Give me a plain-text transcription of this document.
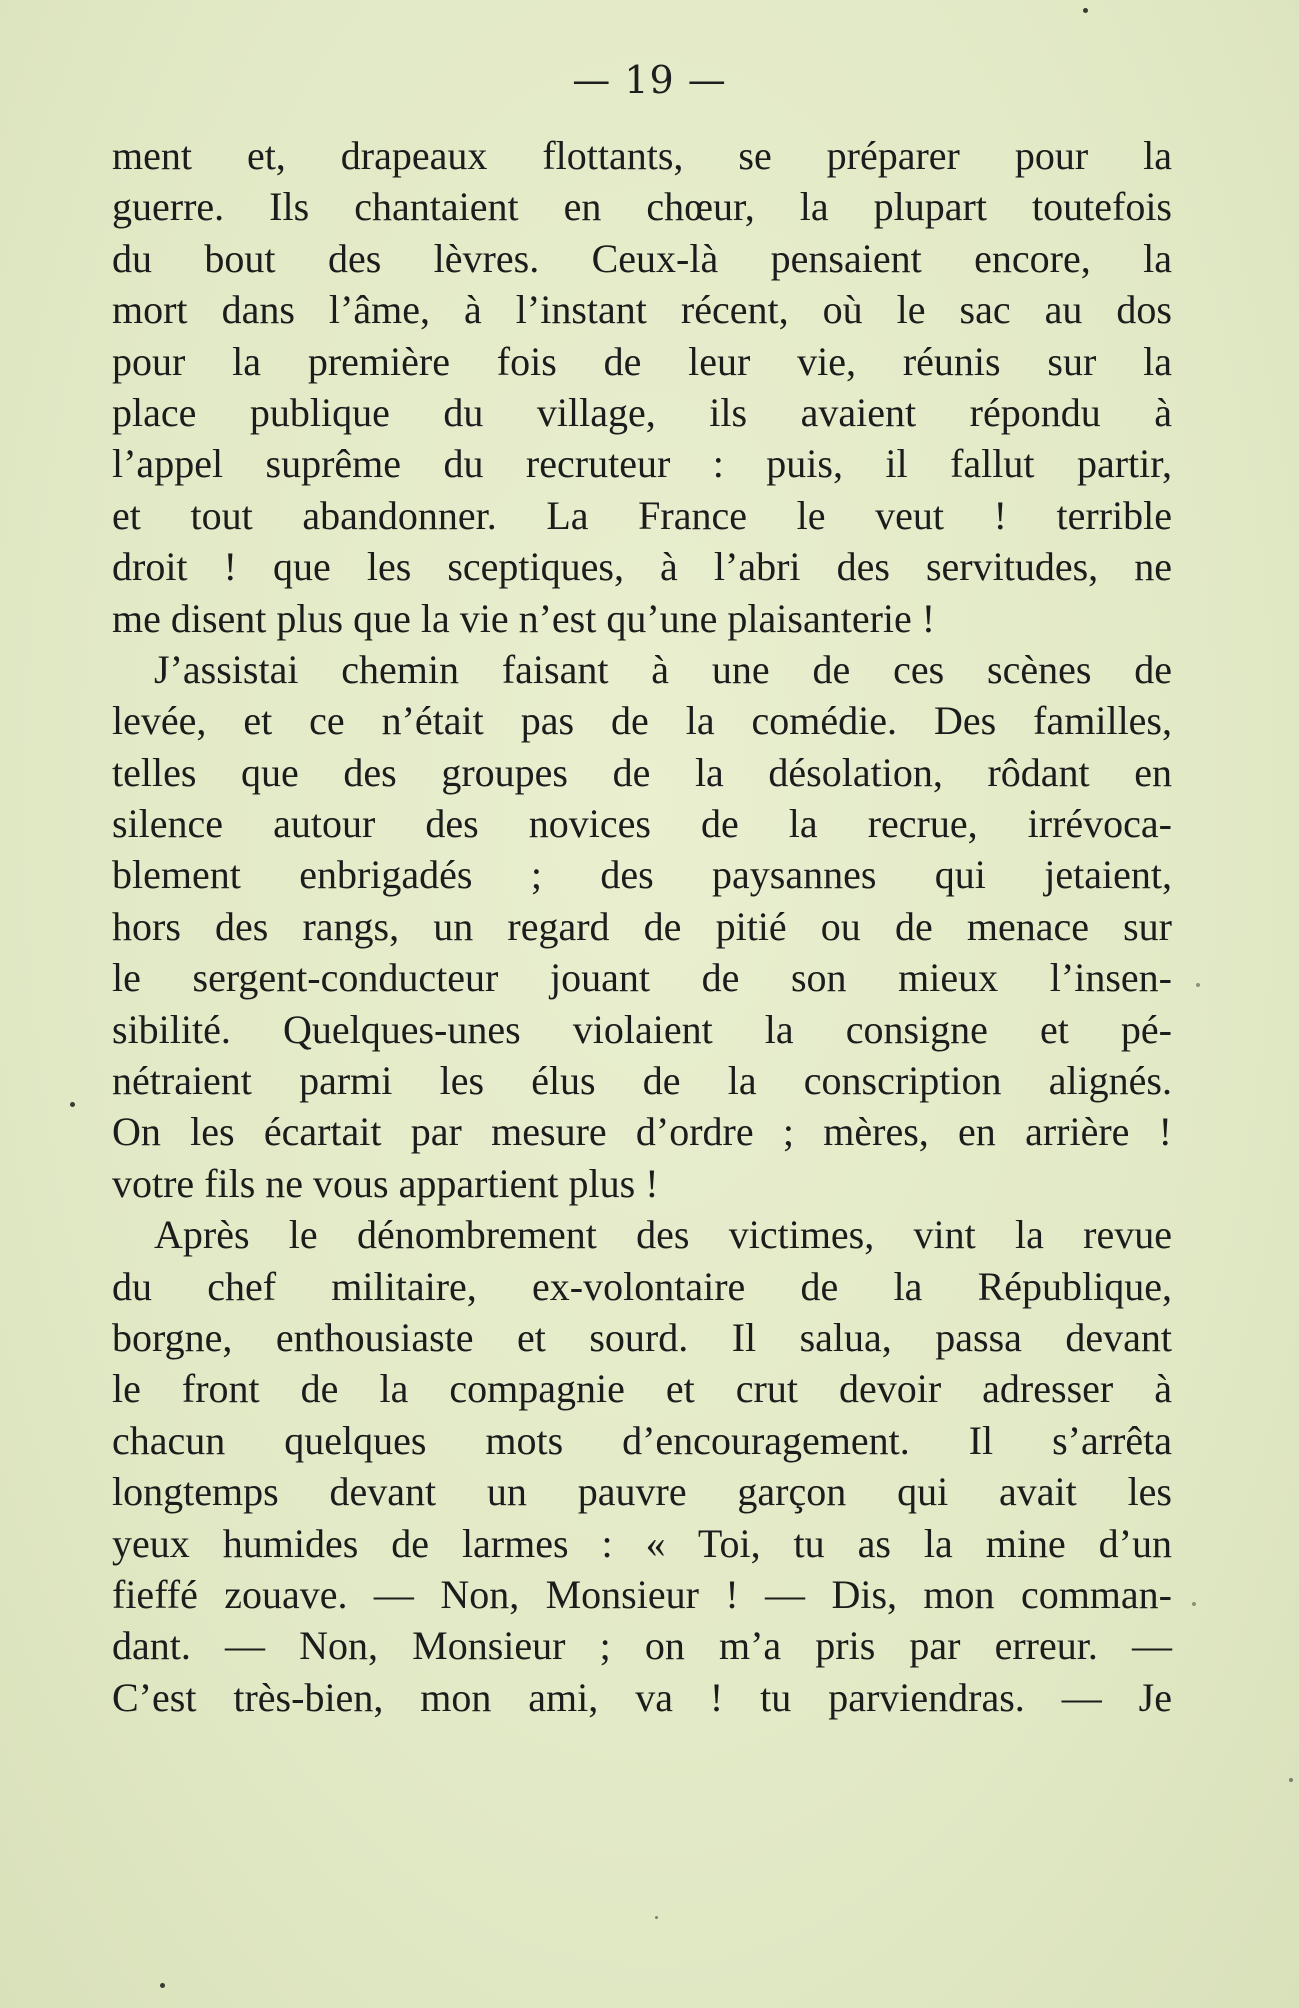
— 19 —
ment et, drapeaux flottants, se préparer pour la
guerre. Ils chantaient en chœur, la plupart toutefois
du bout des lèvres. Ceux-là pensaient encore, la
mort dans l’âme, à l’instant récent, où le sac au dos
pour la première fois de leur vie, réunis sur la
place publique du village, ils avaient répondu à
l’appel suprême du recruteur : puis, il fallut partir,
et tout abandonner. La France le veut ! terrible
droit ! que les sceptiques, à l’abri des servitudes, ne
me disent plus que la vie n’est qu’une plaisanterie !
J’assistai chemin faisant à une de ces scènes de
levée, et ce n’était pas de la comédie. Des familles,
telles que des groupes de la désolation, rôdant en
silence autour des novices de la recrue, irrévoca-
blement enbrigadés ; des paysannes qui jetaient,
hors des rangs, un regard de pitié ou de menace sur
le sergent-conducteur jouant de son mieux l’insen-
sibilité. Quelques-unes violaient la consigne et pé-
nétraient parmi les élus de la conscription alignés.
On les écartait par mesure d’ordre ; mères, en arrière !
votre fils ne vous appartient plus !
Après le dénombrement des victimes, vint la revue
du chef militaire, ex-volontaire de la République,
borgne, enthousiaste et sourd. Il salua, passa devant
le front de la compagnie et crut devoir adresser à
chacun quelques mots d’encouragement. Il s’arrêta
longtemps devant un pauvre garçon qui avait les
yeux humides de larmes : « Toi, tu as la mine d’un
fieffé zouave. — Non, Monsieur ! — Dis, mon comman-
dant. — Non, Monsieur ; on m’a pris par erreur. —
C’est très-bien, mon ami, va ! tu parviendras. — Je
